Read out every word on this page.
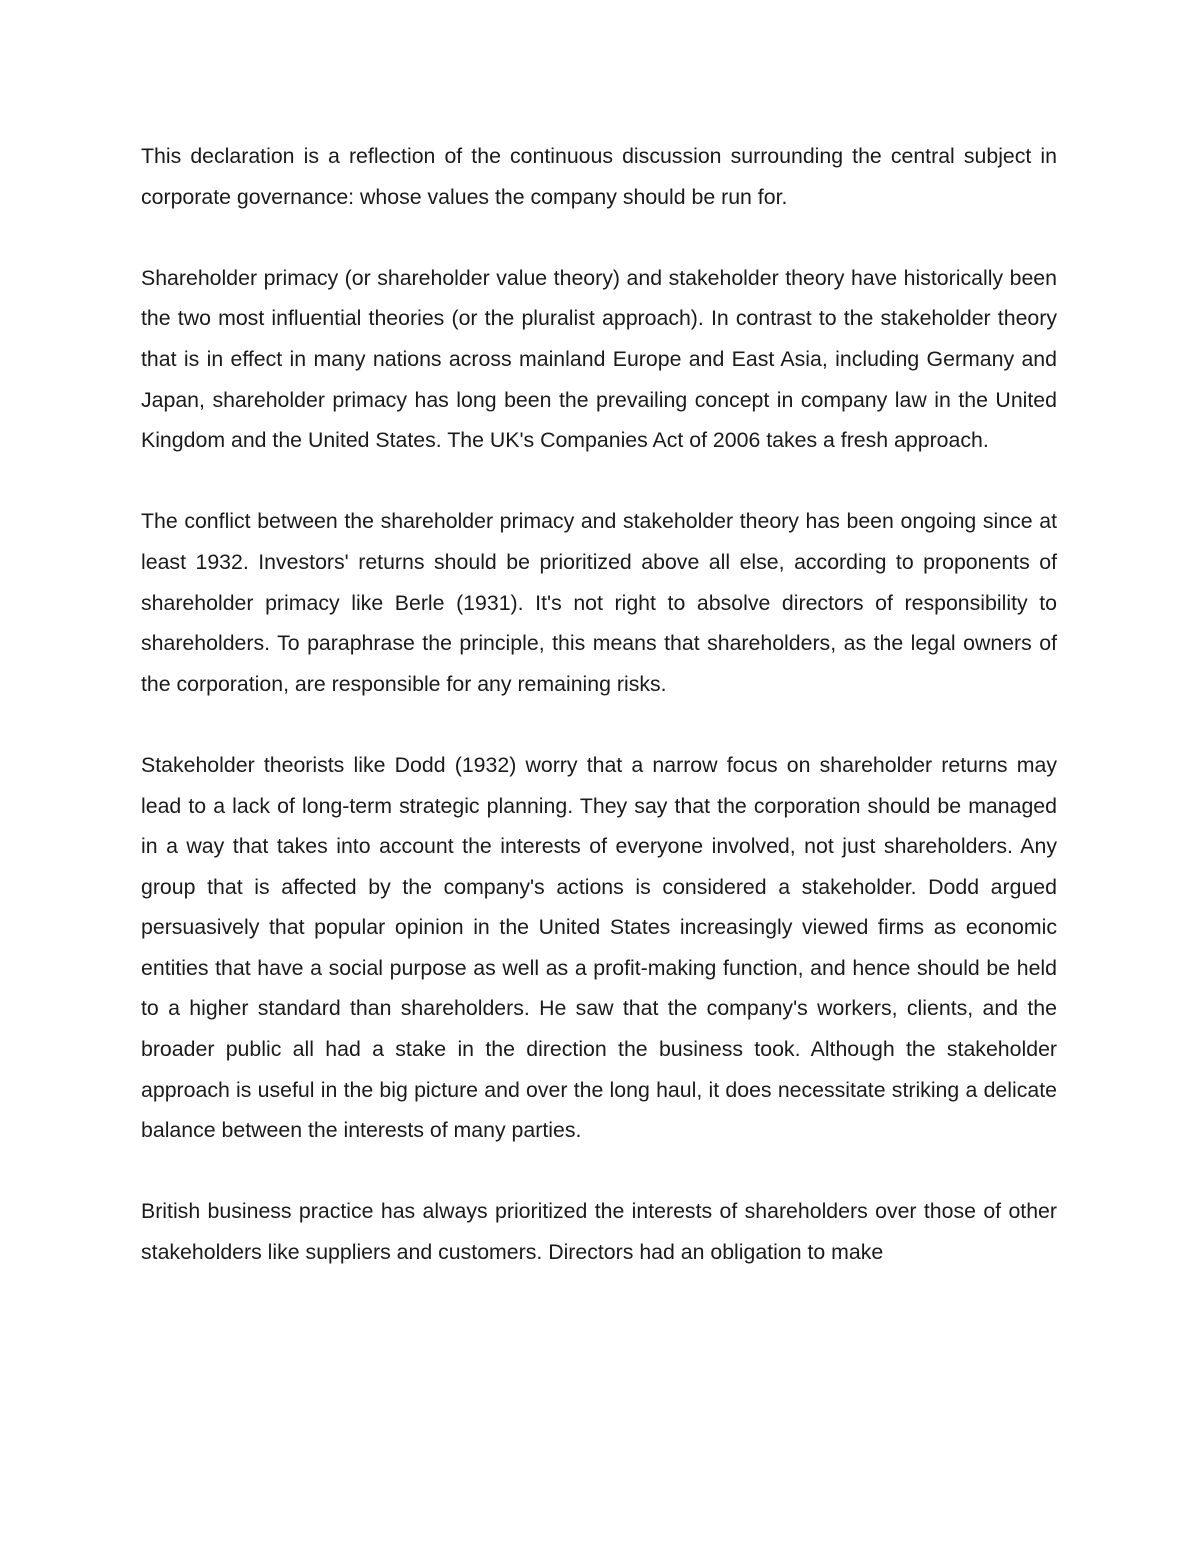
This declaration is a reflection of the continuous discussion surrounding the central subject in corporate governance: whose values the company should be run for.

Shareholder primacy (or shareholder value theory) and stakeholder theory have historically been the two most influential theories (or the pluralist approach). In contrast to the stakeholder theory that is in effect in many nations across mainland Europe and East Asia, including Germany and Japan, shareholder primacy has long been the prevailing concept in company law in the United Kingdom and the United States. The UK's Companies Act of 2006 takes a fresh approach.

The conflict between the shareholder primacy and stakeholder theory has been ongoing since at least 1932. Investors' returns should be prioritized above all else, according to proponents of shareholder primacy like Berle (1931). It's not right to absolve directors of responsibility to shareholders. To paraphrase the principle, this means that shareholders, as the legal owners of the corporation, are responsible for any remaining risks.

Stakeholder theorists like Dodd (1932) worry that a narrow focus on shareholder returns may lead to a lack of long-term strategic planning. They say that the corporation should be managed in a way that takes into account the interests of everyone involved, not just shareholders. Any group that is affected by the company's actions is considered a stakeholder. Dodd argued persuasively that popular opinion in the United States increasingly viewed firms as economic entities that have a social purpose as well as a profit-making function, and hence should be held to a higher standard than shareholders. He saw that the company's workers, clients, and the broader public all had a stake in the direction the business took. Although the stakeholder approach is useful in the big picture and over the long haul, it does necessitate striking a delicate balance between the interests of many parties.

British business practice has always prioritized the interests of shareholders over those of other stakeholders like suppliers and customers. Directors had an obligation to make
